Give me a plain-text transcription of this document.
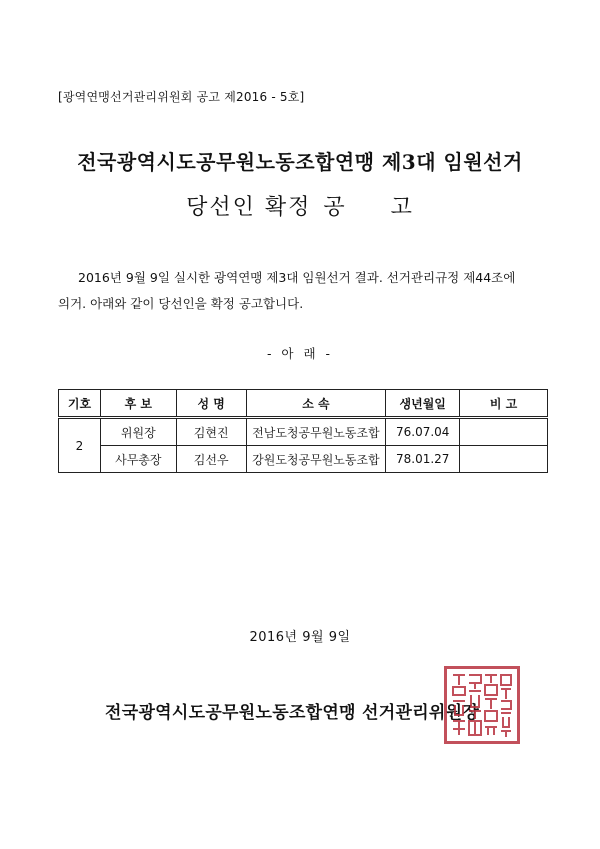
[광역연맹선거관리위원회 공고 제2016 - 5호]
전국광역시도공무원노동조합연맹 제3대 임원선거
당선인 확정 공 고
2016년 9월 9일 실시한 광역연맹 제3대 임원선거 결과. 선거관리규정 제44조에
의거. 아래와 같이 당선인을 확정 공고합니다.
- 아 래 -
기호	후 보	성 명	소 속	생년월일	비 고
2	위원장	김현진	전남도청공무원노동조합	76.07.04	
	사무총장	김선우	강원도청공무원노동조합	78.01.27	
2016년 9월 9일
전국광역시도공무원노동조합연맹 선거관리위원장
